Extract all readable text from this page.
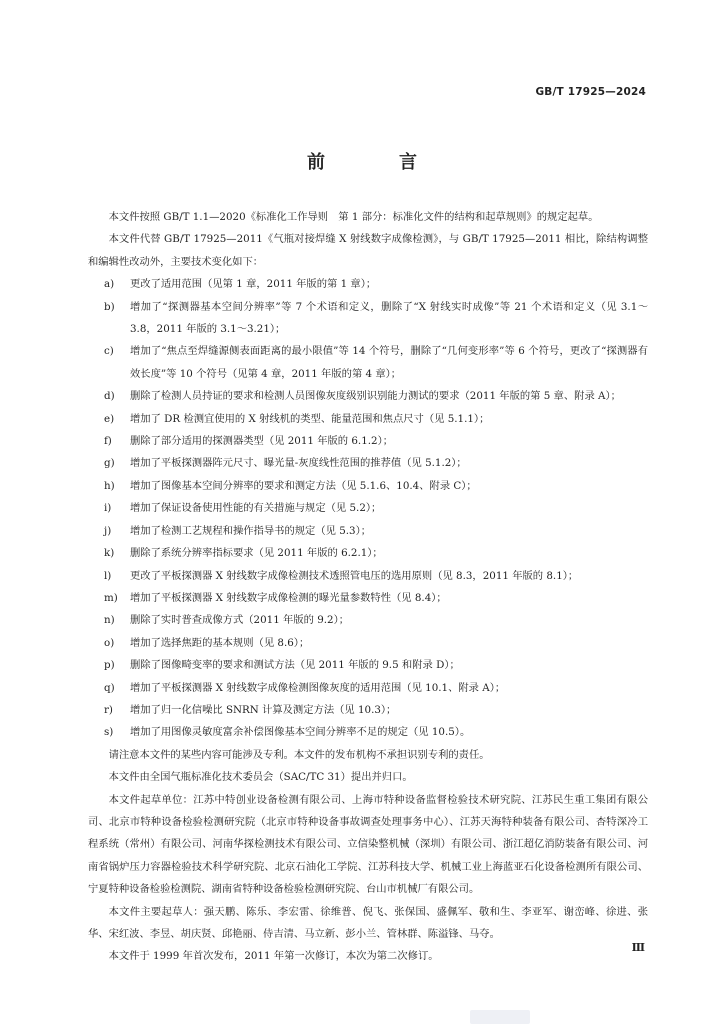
GB/T 17925—2024
前　言

本文件按照 GB/T 1.1—2020《标准化工作导则　第 1 部分：标准化文件的结构和起草规则》的规定起草。

本文件代替 GB/T 17925—2011《气瓶对接焊缝 X 射线数字成像检测》，与 GB/T 17925—2011 相比，除结构调整和编辑性改动外，主要技术变化如下：

a)	更改了适用范围（见第 1 章，2011 年版的第 1 章）；
b)	增加了“探测器基本空间分辨率”等 7 个术语和定义，删除了“X 射线实时成像”等 21 个术语和定义（见 3.1～3.8，2011 年版的 3.1～3.21）；
c)	增加了“焦点至焊缝源侧表面距离的最小限值”等 14 个符号，删除了“几何变形率”等 6 个符号，更改了“探测器有效长度”等 10 个符号（见第 4 章，2011 年版的第 4 章）；
d)	删除了检测人员持证的要求和检测人员图像灰度级别识别能力测试的要求（2011 年版的第 5 章、附录 A）；
e)	增加了 DR 检测宜使用的 X 射线机的类型、能量范围和焦点尺寸（见 5.1.1）；
f)	删除了部分适用的探测器类型（见 2011 年版的 6.1.2）；
g)	增加了平板探测器阵元尺寸、曝光量-灰度线性范围的推荐值（见 5.1.2）；
h)	增加了图像基本空间分辨率的要求和测定方法（见 5.1.6、10.4、附录 C）；
i)	增加了保证设备使用性能的有关措施与规定（见 5.2）；
j)	增加了检测工艺规程和操作指导书的规定（见 5.3）；
k)	删除了系统分辨率指标要求（见 2011 年版的 6.2.1）；
l)	更改了平板探测器 X 射线数字成像检测技术透照管电压的选用原则（见 8.3，2011 年版的 8.1）；
m)	增加了平板探测器 X 射线数字成像检测的曝光量参数特性（见 8.4）；
n)	删除了实时普查成像方式（2011 年版的 9.2）；
o)	增加了选择焦距的基本规则（见 8.6）；
p)	删除了图像畸变率的要求和测试方法（见 2011 年版的 9.5 和附录 D）；
q)	增加了平板探测器 X 射线数字成像检测图像灰度的适用范围（见 10.1、附录 A）；
r)	增加了归一化信噪比 SNRN 计算及测定方法（见 10.3）；
s)	增加了用图像灵敏度富余补偿图像基本空间分辨率不足的规定（见 10.5）。

请注意本文件的某些内容可能涉及专利。本文件的发布机构不承担识别专利的责任。

本文件由全国气瓶标准化技术委员会（SAC/TC 31）提出并归口。

本文件起草单位：江苏中特创业设备检测有限公司、上海市特种设备监督检验技术研究院、江苏民生重工集团有限公司、北京市特种设备检验检测研究院（北京市特种设备事故调查处理事务中心）、江苏天海特种装备有限公司、杏特深冷工程系统（常州）有限公司、河南华探检测技术有限公司、立信染整机械（深圳）有限公司、浙江超亿消防装备有限公司、河南省锅炉压力容器检验技术科学研究院、北京石油化工学院、江苏科技大学、机械工业上海蓝亚石化设备检测所有限公司、宁夏特种设备检验检测院、湖南省特种设备检验检测研究院、台山市机械厂有限公司。

本文件主要起草人：强天鹏、陈乐、李宏雷、徐维普、倪飞、张保国、盛佩军、敬和生、李亚军、谢峦峰、徐进、张华、宋红波、李昱、胡庆贤、邱艳丽、侍吉清、马立新、彭小兰、管林群、陈溢锋、马夺。

本文件于 1999 年首次发布，2011 年第一次修订，本次为第二次修订。

Ⅲ
